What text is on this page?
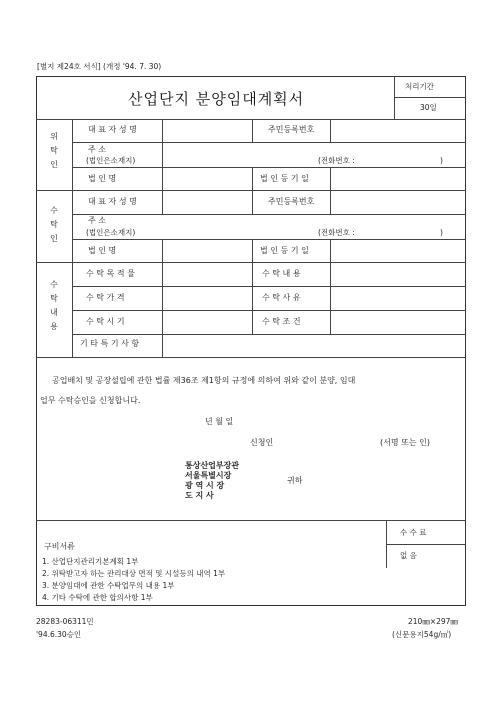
[별지 제24호 서식] (개정 '94. 7. 30)
산업단지 분양임대계획서
처리기간
30일
위탁인
대 표 자 성 명	주민등록번호
주 소
(법인은소재지)	(전화번호 :	)
법 인 명	법 인 등 기 일
수탁인
대 표 자 성 명	주민등록번호
주 소
(법인은소재지)	(전화번호 :	)
법 인 명	법 인 등 기 일
수탁내용
수 탁 목 적 물	수 탁 내 용
수 탁 가 격	수 탁 사 유
수 탁 시 기	수 탁 조 건
기 타 특 기 사 항
공업배치 및 공장설립에 관한 법률 제36조 제1항의 규정에 의하여 위와 같이 분양, 임대
업무 수탁승인을 신청합니다.
년 월 일
신청인	(서명 또는 인)
통상산업부장관
서울특별시장
광 역 시 장
도 지 사
귀하
수 수 료
없 음
구비서류
1. 산업단지관리기본계획 1부
2. 위탁받고자 하는 관리대상 면적 및 시설등의 내역 1부
3. 분양임대에 관한 수탁업무의 내용 1부
4. 기타 수탁에 관한 합의사항 1부
28283-06311민
'94.6.30승인
210㎜×297㎜
(신문용지54g/㎡)
